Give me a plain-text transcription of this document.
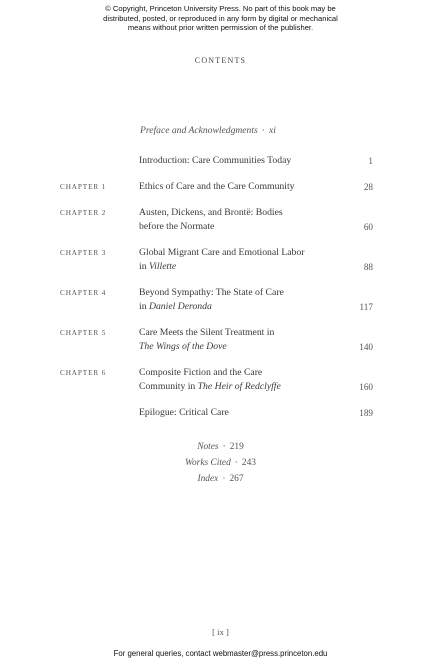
© Copyright, Princeton University Press. No part of this book may be
distributed, posted, or reproduced in any form by digital or mechanical
means without prior written permission of the publisher.
CONTENTS
Preface and Acknowledgments · xi
Introduction: Care Communities Today	1
CHAPTER 1	Ethics of Care and the Care Community	28
CHAPTER 2	Austen, Dickens, and Brontë: Bodies
before the Normate	60
CHAPTER 3	Global Migrant Care and Emotional Labor
in Villette	88
CHAPTER 4	Beyond Sympathy: The State of Care
in Daniel Deronda	117
CHAPTER 5	Care Meets the Silent Treatment in
The Wings of the Dove	140
CHAPTER 6	Composite Fiction and the Care
Community in The Heir of Redclyffe	160
Epilogue: Critical Care	189
Notes · 219
Works Cited · 243
Index · 267
[ ix ]
For general queries, contact webmaster@press.princeton.edu
